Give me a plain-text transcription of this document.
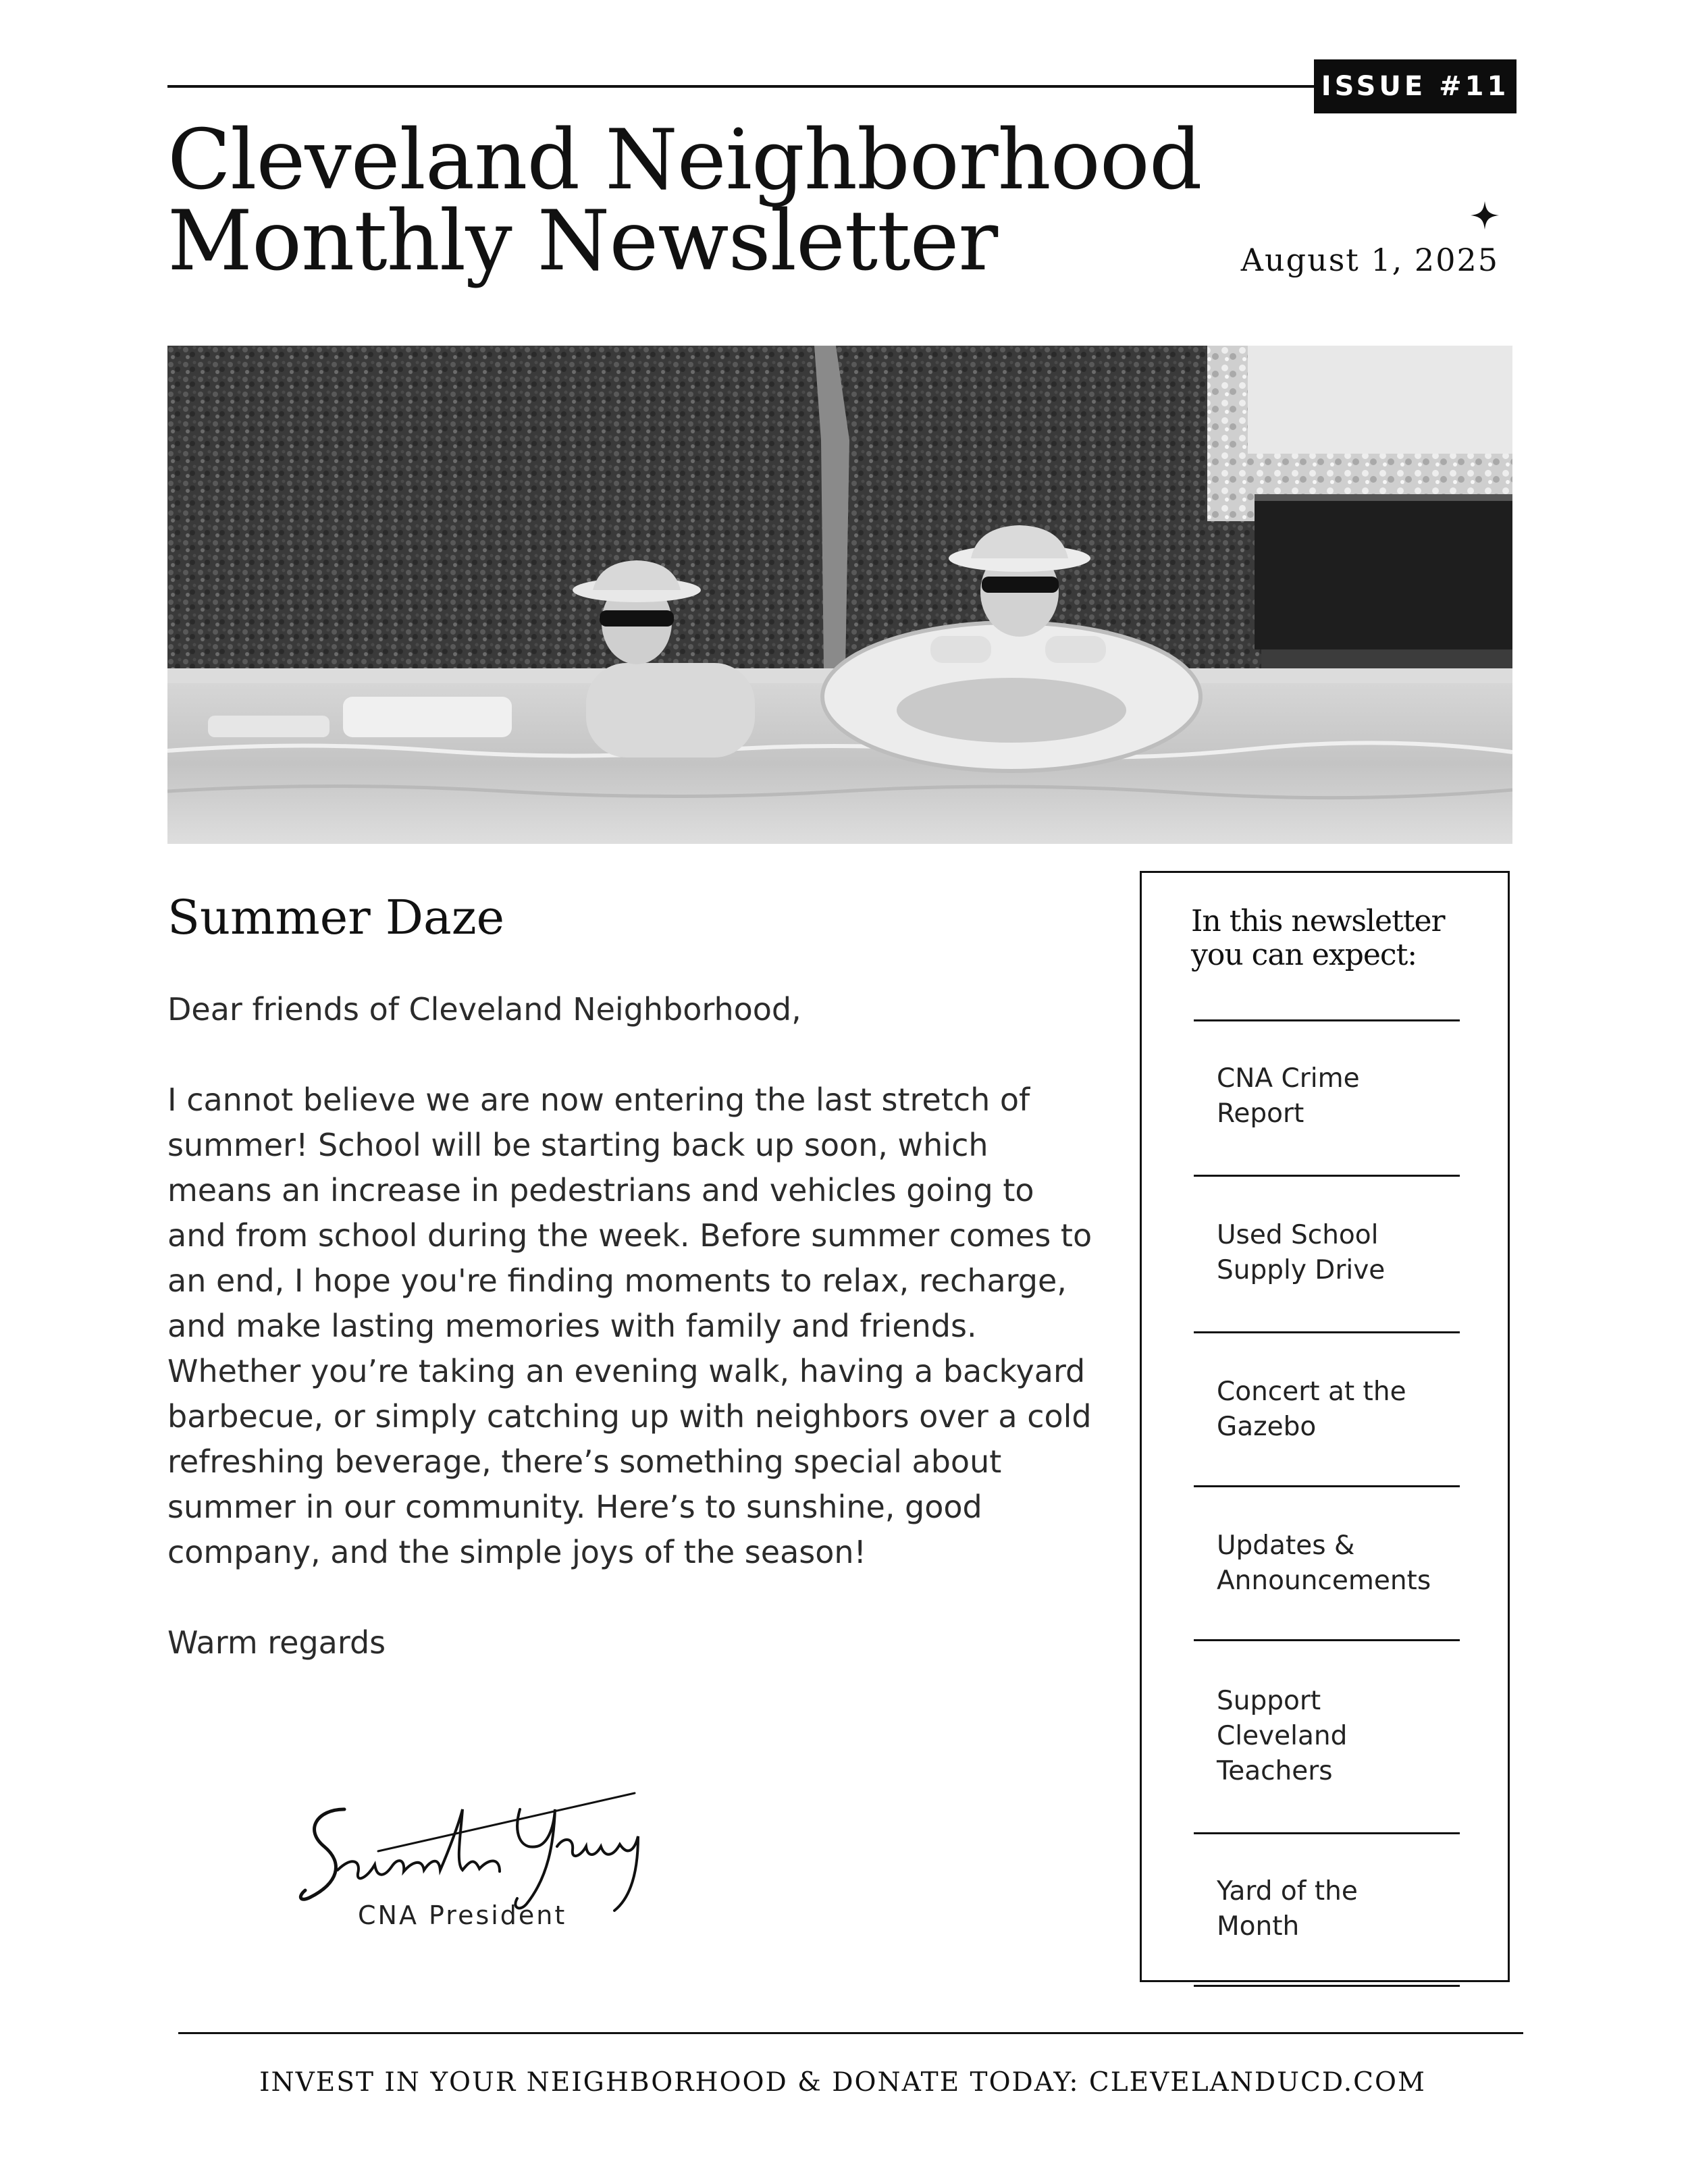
ISSUE #11
Cleveland Neighborhood
Monthly Newsletter	August 1, 2025
Summer Daze

Dear friends of Cleveland Neighborhood,

I cannot believe we are now entering the last stretch of summer! School will be starting back up soon, which means an increase in pedestrians and vehicles going to and from school during the week. Before summer comes to an end, I hope you're finding moments to relax, recharge, and make lasting memories with family and friends. Whether you’re taking an evening walk, having a backyard barbecue, or simply catching up with neighbors over a cold refreshing beverage, there’s something special about summer in our community. Here’s to sunshine, good company, and the simple joys of the season!

Warm regards

CNA President
In this newsletter
you can expect:
CNA Crime
Report
Used School
Supply Drive
Concert at the
Gazebo
Updates &
Announcements
Support
Cleveland
Teachers
Yard of the
Month
INVEST IN YOUR NEIGHBORHOOD & DONATE TODAY: CLEVELANDUCD.COM
